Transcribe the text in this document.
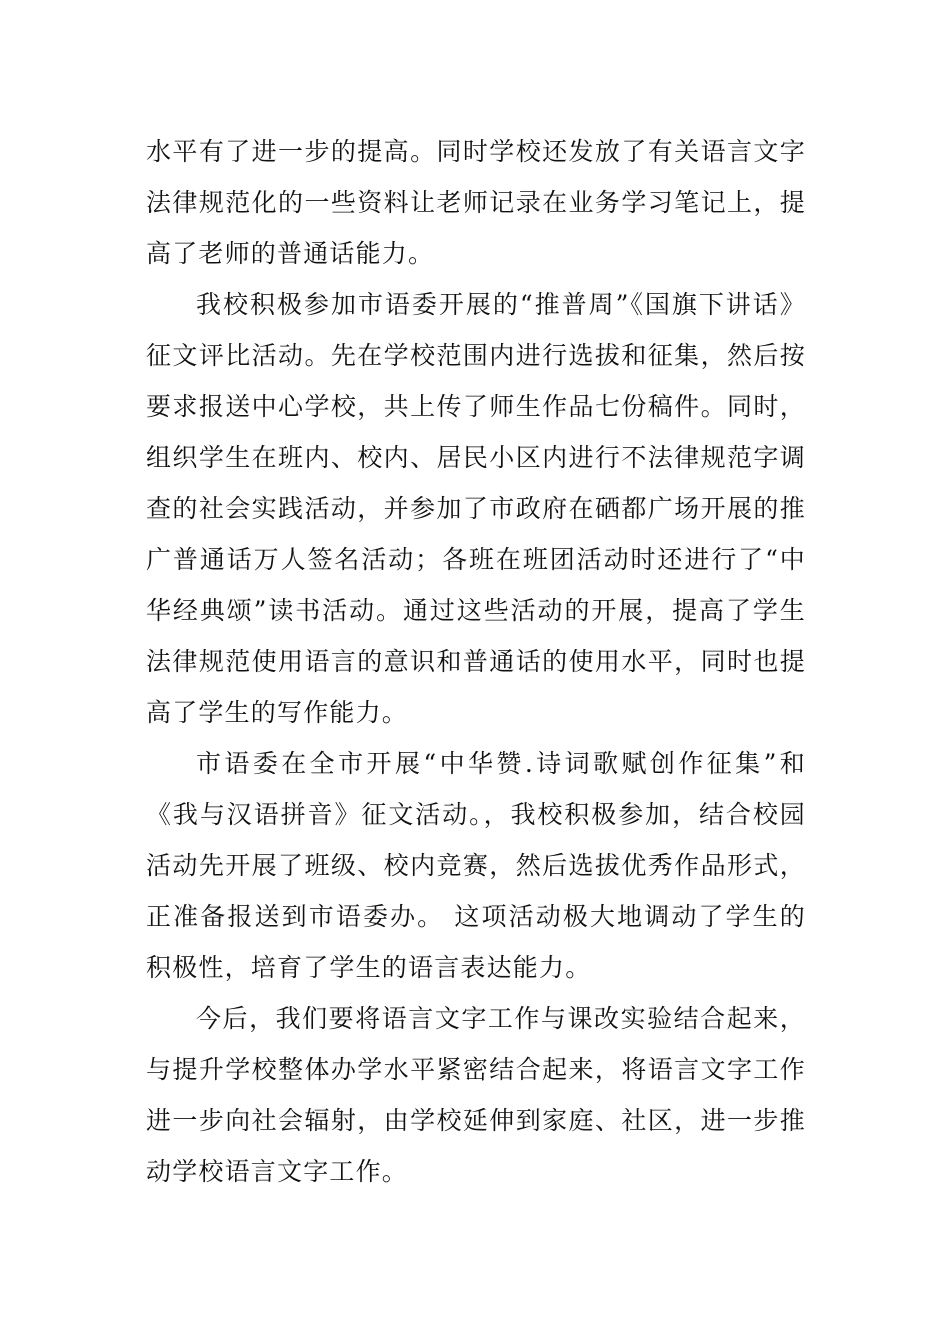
水平有了进一步的提高。同时学校还发放了有关语言文字法律规范化的一些资料让老师记录在业务学习笔记上，提高了老师的普通话能力。

我校积极参加市语委开展的“推普周”《国旗下讲话》征文评比活动。先在学校范围内进行选拔和征集，然后按要求报送中心学校，共上传了师生作品七份稿件。同时，组织学生在班内、校内、居民小区内进行不法律规范字调查的社会实践活动，并参加了市政府在硒都广场开展的推广普通话万人签名活动；各班在班团活动时还进行了“中华经典颂”读书活动。通过这些活动的开展，提高了学生法律规范使用语言的意识和普通话的使用水平，同时也提高了学生的写作能力。

市语委在全市开展“中华赞.诗词歌赋创作征集”和《我与汉语拼音》征文活动。，我校积极参加，结合校园活动先开展了班级、校内竞赛，然后选拔优秀作品形式，正准备报送到市语委办。 这项活动极大地调动了学生的积极性，培育了学生的语言表达能力。

今后，我们要将语言文字工作与课改实验结合起来，与提升学校整体办学水平紧密结合起来，将语言文字工作进一步向社会辐射，由学校延伸到家庭、社区，进一步推动学校语言文字工作。
